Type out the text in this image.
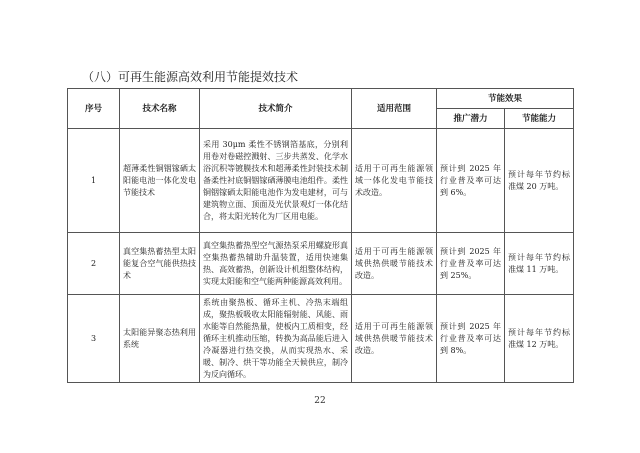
（八）可再生能源高效利用节能提效技术
序号	技术名称	技术简介	适用范围	节能效果	
				推广潜力	节能能力
1	超薄柔性铜铟镓硒太阳能电池一体化发电节能技术	采用 30μm 柔性不锈钢箔基底，分别利用卷对卷磁控溅射、三步共蒸发、化学水浴沉积等镀膜技术和超薄柔性封装技术制备柔性衬底铜铟镓硒薄膜电池组件。柔性铜铟镓硒太阳能电池作为发电建材，可与建筑物立面、顶面及光伏景观灯一体化结合，将太阳光转化为厂区用电能。	适用于可再生能源领域一体化发电节能技术改造。	预计到 2025 年行业普及率可达到 6%。	预计每年节约标准煤 20 万吨。
2	真空集热蓄热型太阳能复合空气能供热技术	真空集热蓄热型空气源热泵采用螺旋形真空集热蓄热辅助升温装置，适用快速集热、高效蓄热，创新设计机组整体结构，实现太阳能和空气能两种能源高效利用。	适用于可再生能源领域供热供暖节能技术改造。	预计到 2025 年行业普及率可达到 25%。	预计每年节约标准煤 11 万吨。
3	太阳能异聚态热利用系统	系统由聚热板、循环主机、冷热末端组成，聚热板吸收太阳能辐射能、风能、雨水能等自然能热量，使板内工质相变，经循环主机推动压缩，转换为高品能后进入冷凝器进行热交换，从而实现热水、采暖、制冷、烘干等功能全天候供应，制冷为反向循环。	适用于可再生能源领域供热供暖节能技术改造。	预计到 2025 年行业普及率可达到 8%。	预计每年节约标准煤 12 万吨。
22
